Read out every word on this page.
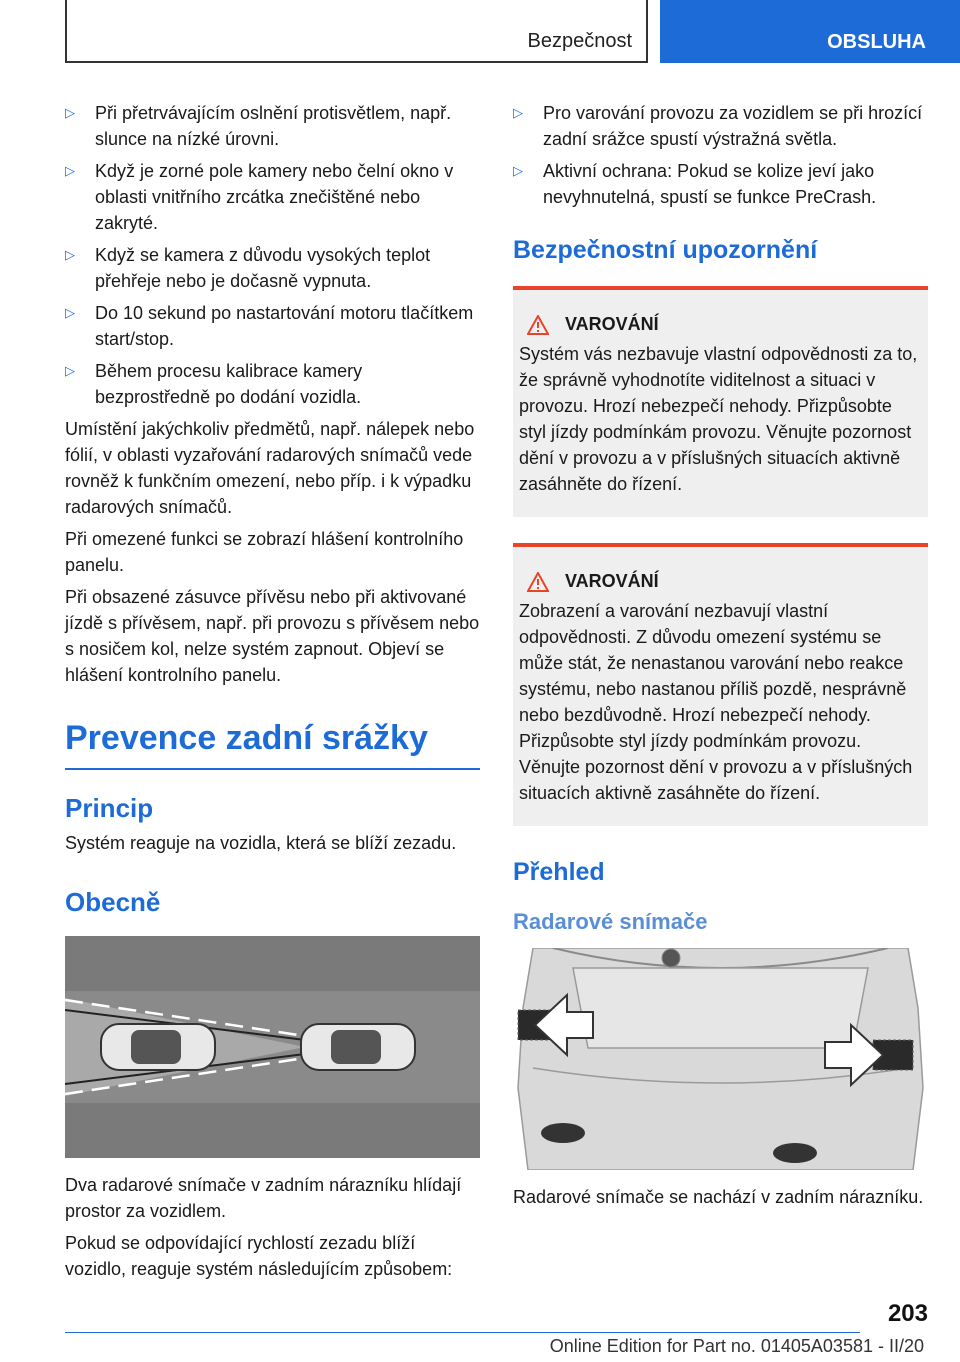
Bezpečnost	OBSLUHA
▷ Při přetrvávajícím oslnění protisvětlem, např. slunce na nízké úrovni.
▷ Když je zorné pole kamery nebo čelní okno v oblasti vnitřního zrcátka znečištěné nebo zakryté.
▷ Když se kamera z důvodu vysokých teplot přehřeje nebo je dočasně vypnuta.
▷ Do 10 sekund po nastartování motoru tlačítkem start/stop.
▷ Během procesu kalibrace kamery bezprostředně po dodání vozidla.
Umístění jakýchkoliv předmětů, např. nálepek nebo fólií, v oblasti vyzařování radarových snímačů vede rovněž k funkčním omezení, nebo příp. i k výpadku radarových snímačů.
Při omezené funkci se zobrazí hlášení kontrolního panelu.
Při obsazené zásuvce přívěsu nebo při aktivované jízdě s přívěsem, např. při provozu s přívěsem nebo s nosičem kol, nelze systém zapnout. Objeví se hlášení kontrolního panelu.
Prevence zadní srážky
Princip
Systém reaguje na vozidla, která se blíží zezadu.
Obecně
Dva radarové snímače v zadním nárazníku hlídají prostor za vozidlem.
Pokud se odpovídající rychlostí zezadu blíží vozidlo, reaguje systém následujícím způsobem:
▷ Pro varování provozu za vozidlem se při hrozící zadní srážce spustí výstražná světla.
▷ Aktivní ochrana: Pokud se kolize jeví jako nevyhnutelná, spustí se funkce PreCrash.
Bezpečnostní upozornění
VAROVÁNÍ
Systém vás nezbavuje vlastní odpovědnosti za to, že správně vyhodnotíte viditelnost a situaci v provozu. Hrozí nebezpečí nehody. Přizpůsobte styl jízdy podmínkám provozu. Věnujte pozornost dění v provozu a v příslušných situacích aktivně zasáhněte do řízení.
VAROVÁNÍ
Zobrazení a varování nezbavují vlastní odpovědnosti. Z důvodu omezení systému se může stát, že nenastanou varování nebo reakce systému, nebo nastanou příliš pozdě, nesprávně nebo bezdůvodně. Hrozí nebezpečí nehody. Přizpůsobte styl jízdy podmínkám provozu. Věnujte pozornost dění v provozu a v příslušných situacích aktivně zasáhněte do řízení.
Přehled
Radarové snímače
Radarové snímače se nachází v zadním nárazníku.
203
Online Edition for Part no. 01405A03581 - II/20
